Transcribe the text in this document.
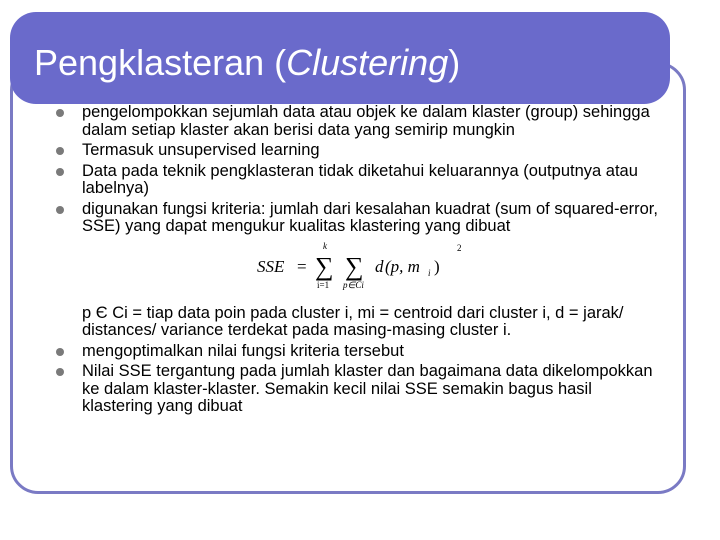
Pengklasteran (Clustering)
pengelompokkan sejumlah data atau objek ke dalam klaster (group) sehingga dalam setiap klaster akan berisi data yang semirip mungkin
Termasuk unsupervised learning
Data pada teknik pengklasteran tidak diketahui keluarannya (outputnya atau labelnya)
digunakan fungsi kriteria: jumlah dari kesalahan kuadrat (sum of squared-error, SSE) yang dapat mengukur kualitas klastering yang dibuat
SSE =
k
∑
i=1
∑
p∈Ci
d (p, m i )
2
p Є Ci = tiap data poin pada cluster i, mi = centroid dari cluster i, d = jarak/ distances/ variance terdekat pada masing-masing cluster i.
mengoptimalkan nilai fungsi kriteria tersebut
Nilai SSE tergantung pada jumlah klaster dan bagaimana data dikelompokkan ke dalam klaster-klaster. Semakin kecil nilai SSE semakin bagus hasil klastering yang dibuat
